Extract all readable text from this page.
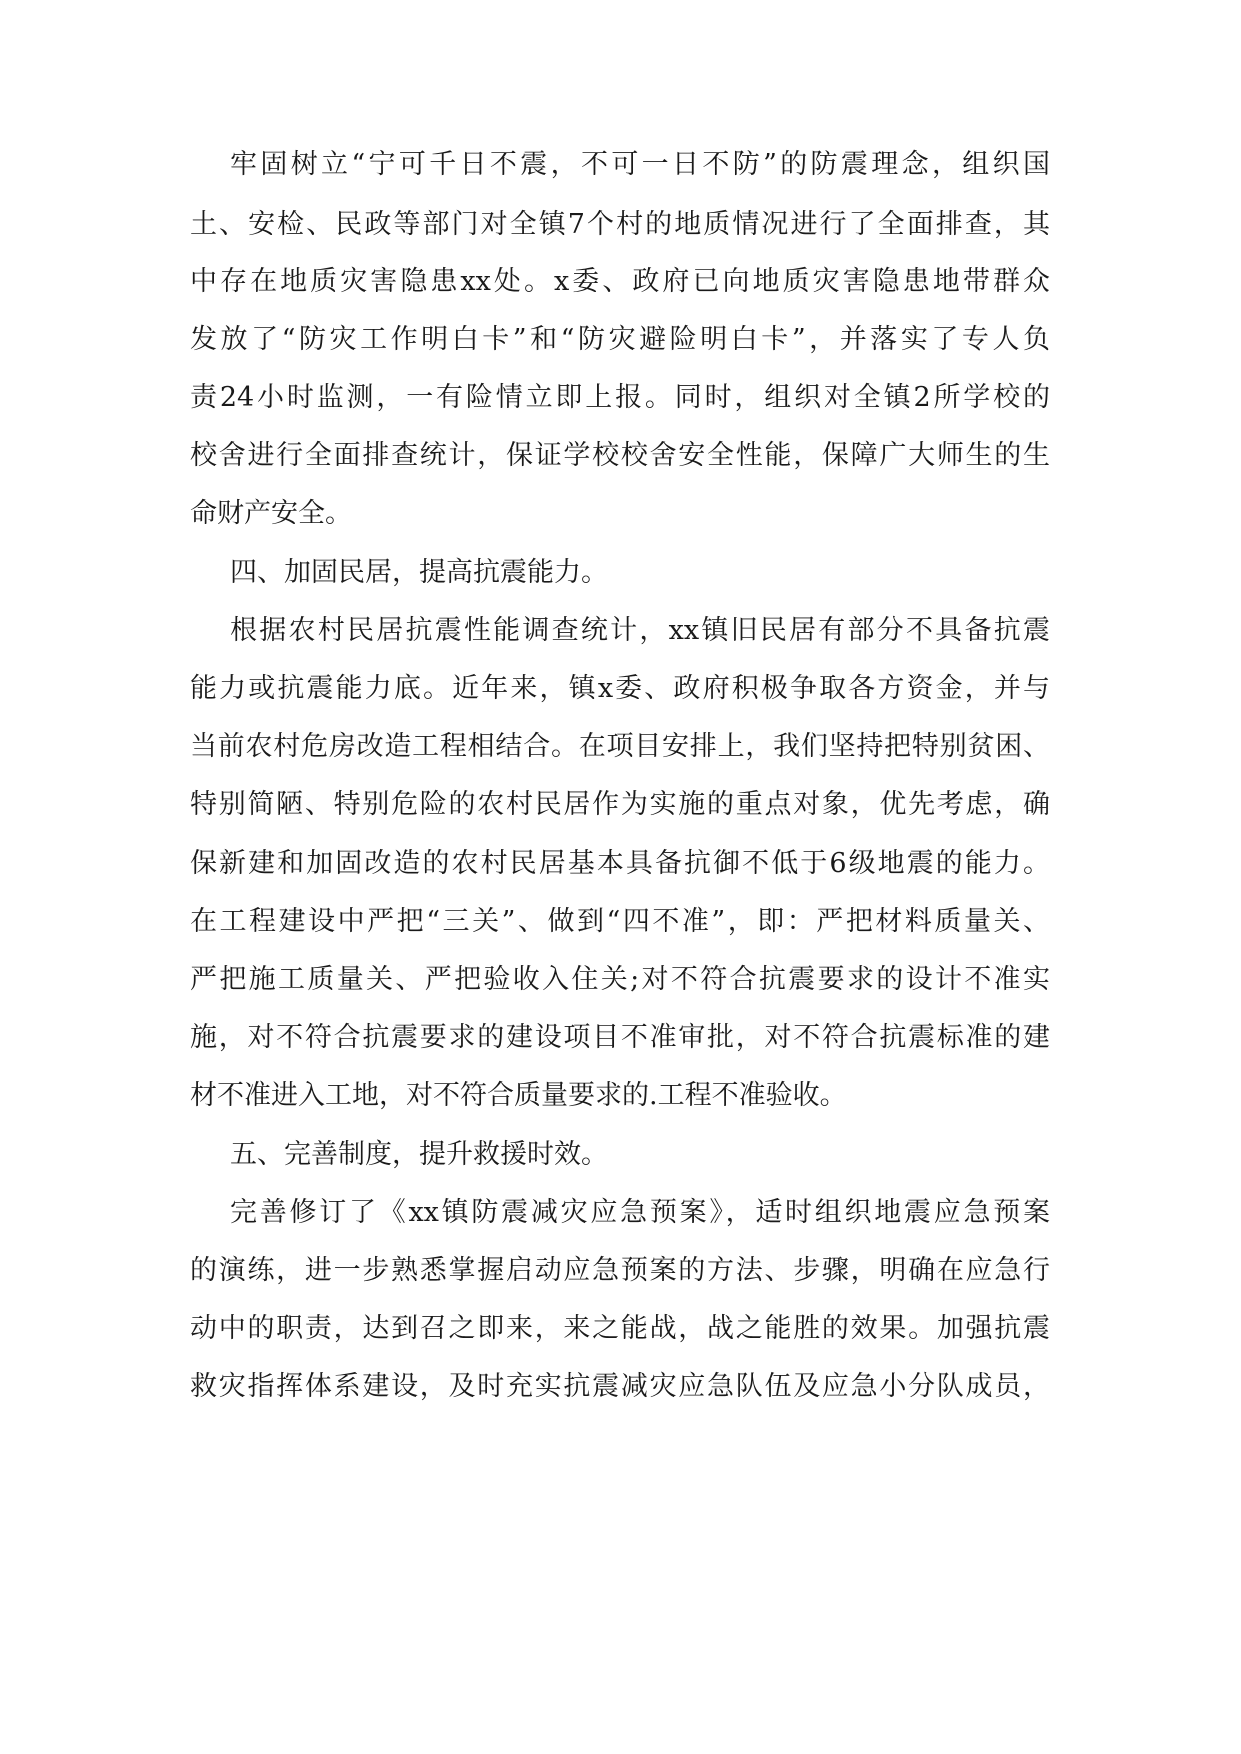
牢固树立“宁可千日不震，不可一日不防”的防震理念，组织国
土、安检、民政等部门对全镇7个村的地质情况进行了全面排查，其
中存在地质灾害隐患xx处。x委、政府已向地质灾害隐患地带群众
发放了“防灾工作明白卡”和“防灾避险明白卡”，并落实了专人负
责24小时监测，一有险情立即上报。同时，组织对全镇2所学校的
校舍进行全面排查统计，保证学校校舍安全性能，保障广大师生的生
命财产安全。
四、加固民居，提高抗震能力。
根据农村民居抗震性能调查统计，xx镇旧民居有部分不具备抗震
能力或抗震能力底。近年来，镇x委、政府积极争取各方资金，并与
当前农村危房改造工程相结合。在项目安排上，我们坚持把特别贫困、
特别简陋、特别危险的农村民居作为实施的重点对象，优先考虑，确
保新建和加固改造的农村民居基本具备抗御不低于6级地震的能力。
在工程建设中严把“三关”、做到“四不准”，即：严把材料质量关、
严把施工质量关、严把验收入住关;对不符合抗震要求的设计不准实
施，对不符合抗震要求的建设项目不准审批，对不符合抗震标准的建
材不准进入工地，对不符合质量要求的.工程不准验收。
五、完善制度，提升救援时效。
完善修订了《xx镇防震减灾应急预案》，适时组织地震应急预案
的演练，进一步熟悉掌握启动应急预案的方法、步骤，明确在应急行
动中的职责，达到召之即来，来之能战，战之能胜的效果。加强抗震
救灾指挥体系建设，及时充实抗震减灾应急队伍及应急小分队成员，
